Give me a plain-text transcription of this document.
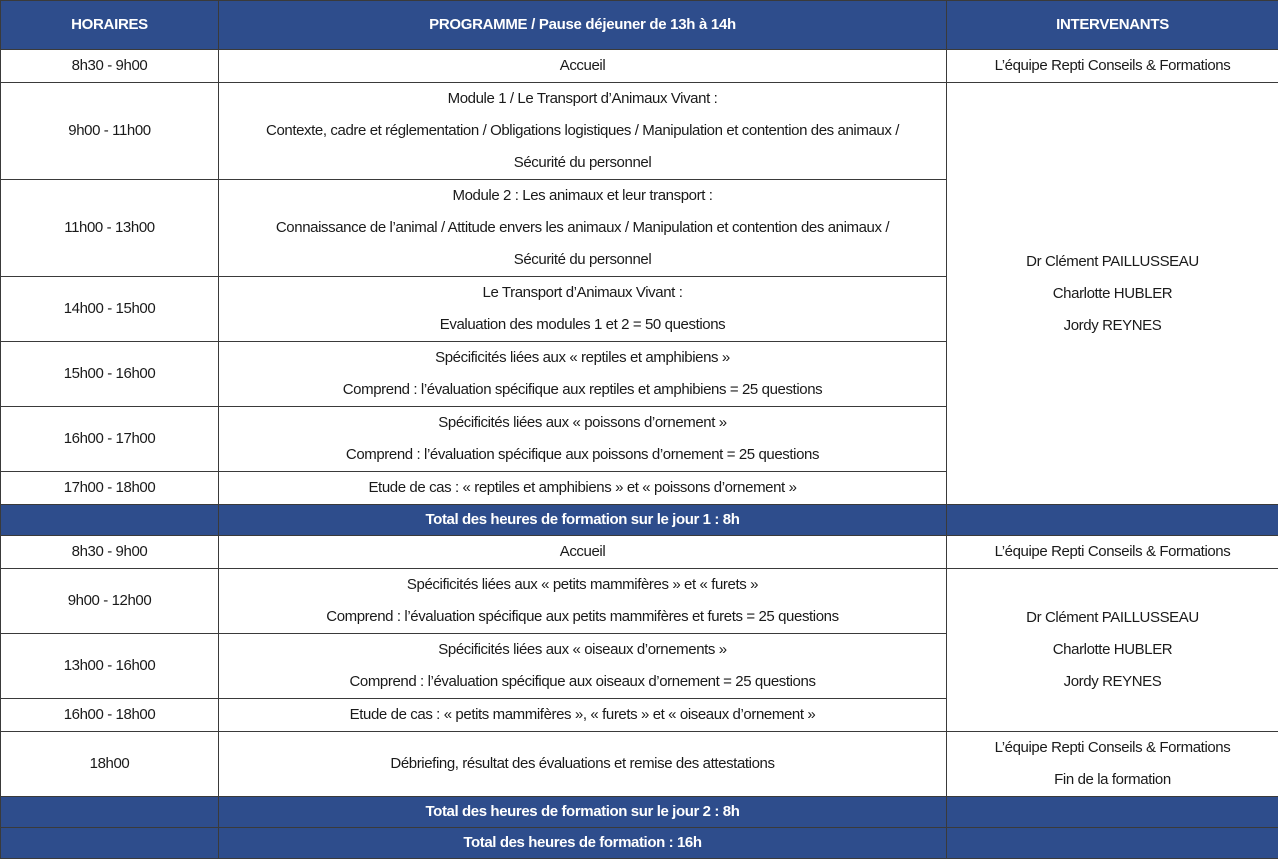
HORAIRES	PROGRAMME / Pause déjeuner de 13h à 14h	INTERVENANTS
8h30 - 9h00	Accueil	L’équipe Repti Conseils & Formations

9h00 - 11h00	Module 1 / Le Transport d’Animaux Vivant :
Contexte, cadre et réglementation / Obligations logistiques / Manipulation et contention des animaux /
Sécurité du personnel	Dr Clément PAILLUSSEAU
Charlotte HUBLER
Jordy REYNES

11h00 - 13h00	Module 2 : Les animaux et leur transport :
Connaissance de l’animal / Attitude envers les animaux / Manipulation et contention des animaux /
Sécurité du personnel	

14h00 - 15h00	Le Transport d’Animaux Vivant :
Evaluation des modules 1 et 2 = 50 questions	

15h00 - 16h00	Spécificités liées aux « reptiles et amphibiens »
Comprend : l’évaluation spécifique aux reptiles et amphibiens = 25 questions	

16h00 - 17h00	Spécificités liées aux « poissons d’ornement »
Comprend : l’évaluation spécifique aux poissons d’ornement = 25 questions	

17h00 - 18h00	Etude de cas : « reptiles et amphibiens » et « poissons d’ornement »	

	Total des heures de formation sur le jour 1 : 8h	
8h30 - 9h00	Accueil	L’équipe Repti Conseils & Formations

9h00 - 12h00	Spécificités liées aux « petits mammifères » et « furets »
Comprend : l’évaluation spécifique aux petits mammifères et furets = 25 questions	Dr Clément PAILLUSSEAU
Charlotte HUBLER
Jordy REYNES

13h00 - 16h00	Spécificités liées aux « oiseaux d’ornements »
Comprend : l’évaluation spécifique aux oiseaux d’ornement = 25 questions	

16h00 - 18h00	Etude de cas : « petits mammifères », « furets » et « oiseaux d’ornement »	

18h00	Débriefing, résultat des évaluations et remise des attestations	L’équipe Repti Conseils & Formations
Fin de la formation

	Total des heures de formation sur le jour 2 : 8h	
	Total des heures de formation : 16h	
